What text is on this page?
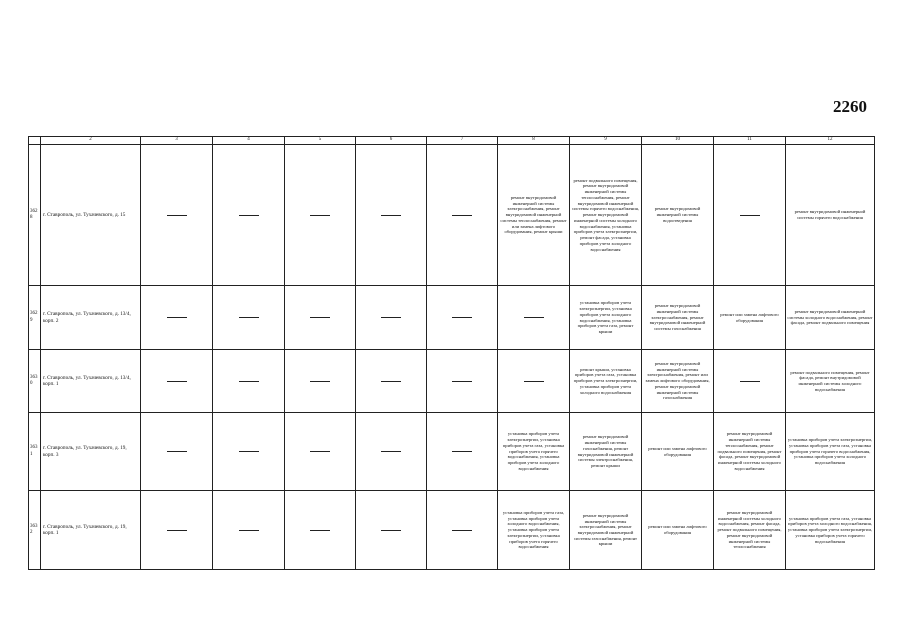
2260
	2	3	4	5	6	7	8	9	10	11	12
3628	г. Ставрополь, ул. Тухачевского, д. 15						ремонт внутридомовой инженерной системы электроснабжения, ремонт внутридомовой инженерной системы теплоснабжения, ремонт или замена лифтового оборудования, ремонт крыши	ремонт подвального помещения, ремонт внутридомовой инженерной системы теплоснабжения, ремонт внутридомовой инженерной системы горячего водоснабжения, ремонт внутридомовой инженерной системы холодного водоснабжения, установка приборов учета электроэнергии, ремонт фасада, установка приборов учета холодного водоснабжения	ремонт внутридомовой инженерной системы водоотведения		ремонт внутридомовой инженерной системы горячего водоснабжения
3629	г. Ставрополь, ул. Тухачевского, д. 13/4, корп. 2							установка приборов учета электроэнергии, установка приборов учета холодного водоснабжения, установка приборов учета газа, ремонт крыши	ремонт внутридомовой инженерной системы электроснабжения, ремонт внутридомовой инженерной системы газоснабжения	ремонт или замена лифтового оборудования	ремонт внутридомовой инженерной системы холодного водоснабжения, ремонт фасада, ремонт подвального помещения
3630	г. Ставрополь, ул. Тухачевского, д. 13/4, корп. 1							ремонт крыши, установка приборов учета газа, установка приборов учета электроэнергии, установка приборов учета холодного водоснабжения	ремонт внутридомовой инженерной системы электроснабжения, ремонт или замена лифтового оборудования, ремонт внутридомовой инженерной системы газоснабжения		ремонт подвального помещения, ремонт фасада, ремонт внутридомовой инженерной системы холодного водоснабжения
3631	г. Ставрополь, ул. Тухачевского, д. 19, корп. 3						установка приборов учета электроэнергии, установка приборов учета газа, установка приборов учета горячего водоснабжения, установка приборов учета холодного водоснабжения	ремонт внутридомовой инженерной системы газоснабжения, ремонт внутридомовой инженерной системы электроснабжения, ремонт крыши	ремонт или замена лифтового оборудования	ремонт внутридомовой инженерной системы теплоснабжения, ремонт подвального помещения, ремонт фасада, ремонт внутридомовой инженерной системы холодного водоснабжения	установка приборов учета электроэнергии, установка приборов учета газа, установка приборов учета горячего водоснабжения, установка приборов учета холодного водоснабжения
3632	г. Ставрополь, ул. Тухачевского, д. 19, корп. 1						установка приборов учета газа, установка приборов учета холодного водоснабжения, установка приборов учета электроэнергии, установка приборов учета горячего водоснабжения	ремонт внутридомовой инженерной системы электроснабжения, ремонт внутридомовой инженерной системы газоснабжения, ремонт крыши	ремонт или замена лифтового оборудования	ремонт внутридомовой инженерной системы холодного водоснабжения, ремонт фасада, ремонт подвального помещения, ремонт внутридомовой инженерной системы теплоснабжения	установка приборов учета газа, установка приборов учета холодного водоснабжения, установка приборов учета электроэнергии, установка приборов учета горячего водоснабжения
